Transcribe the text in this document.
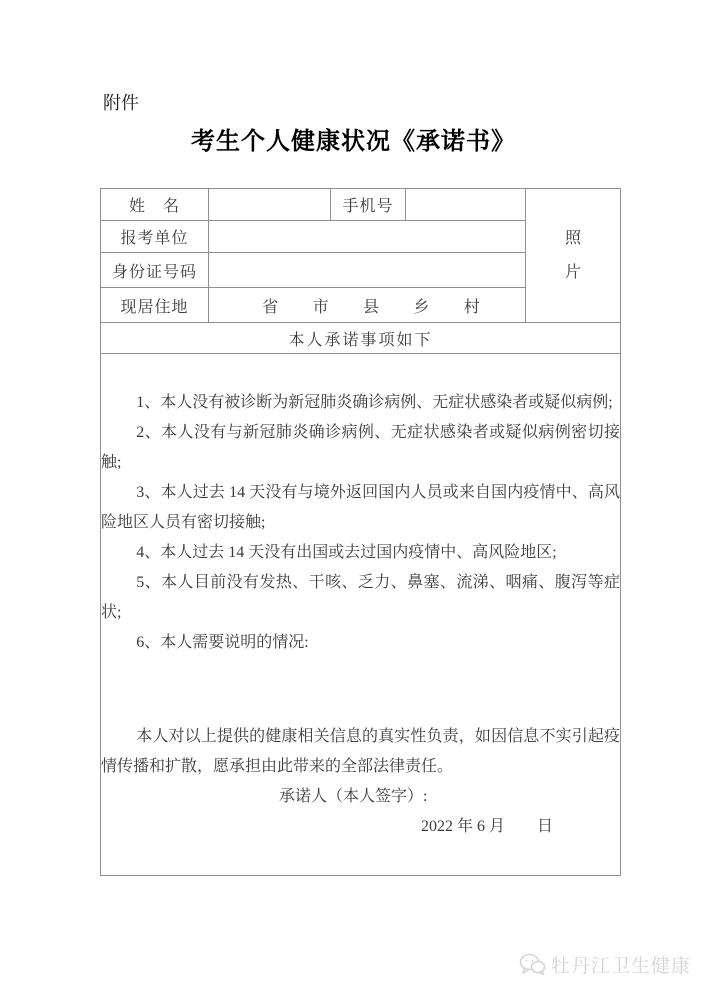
附件
考生个人健康状况《承诺书》
姓　名		手机号		照
片

报考单位				
身份证号码				
现居住地	省 市 县 乡 村			

本人承诺事项如下				

1、本人没有被诊断为新冠肺炎确诊病例、无症状感染者或疑似病例;

2、本人没有与新冠肺炎确诊病例、无症状感染者或疑似病例密切接触;

3、本人过去 14 天没有与境外返回国内人员或来自国内疫情中、高风险地区人员有密切接触;

4、本人过去 14 天没有出国或去过国内疫情中、高风险地区;

5、本人目前没有发热、干咳、乏力、鼻塞、流涕、咽痛、腹泻等症状;

6、本人需要说明的情况:

本人对以上提供的健康相关信息的真实性负责，如因信息不实引起疫情传播和扩散，愿承担由此带来的全部法律责任。

承诺人（本人签字）:

2022 年 6 月　　日

牡丹江卫生健康
